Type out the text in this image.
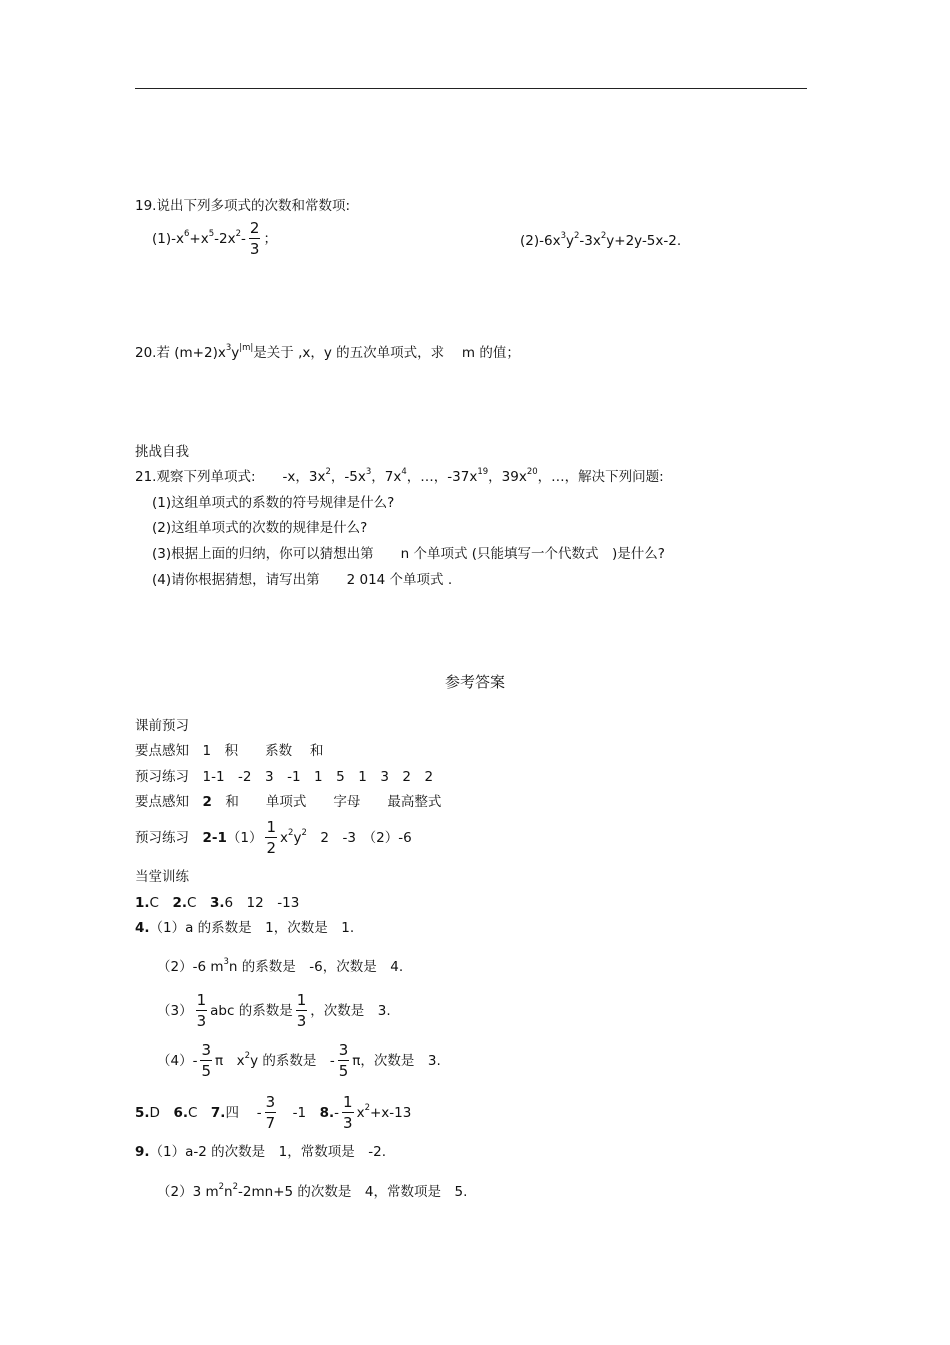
19.说出下列多项式的次数和常数项:
$(1)-x^6+x^5-2x^2- \frac{2}{3}$ ；	$(2)-6x^3y^2-3x^2y+2y-5x-2$.
20.若 $(m+2)x^3y^{|m|}$是关于 ,x，y 的五次单项式，求　 m 的值；
挑战自我
21.观察下列单项式:　　-x，$3x^2$，$-5x^3$，$7x^4$，…，$-37x^{19}$，$39x^{20}$，…，解决下列问题:
(1)这组单项式的系数的符号规律是什么?
(2)这组单项式的次数的规律是什么?
(3)根据上面的归纳，你可以猜想出第　　n 个单项式 (只能填写一个代数式　)是什么?
(4)请你根据猜想，请写出第　　2 014 个单项式 .
参考答案
课前预习
要点感知　1　积　　系数　 和
预习练习　1-1　-2　3　-1　1　5　1　3　2　2
要点感知　2　和　　单项式　　字母　　最高整式
预习练习　$2-1(1) \frac{1}{2} x^2y^2$　2　-3　（2）-6
当堂训练
1.C　2.C　3.6　12　-13
4.（1）a 的系数是　1，次数是　1.
（2）-6 $m^3n$ 的系数是　-6，次数是　4.
$(3) \frac{1}{3}$ abc 的系数是 $\frac{1}{3}$ ，次数是　3.
$(4)- \frac{3}{5}$ π　$x^2y$ 的系数是　- $\frac{3}{5}$ π，次数是　3.
5.D　6.C　7.四　 - $\frac{3}{7}$ 　-1　$8.- \frac{1}{3} x^2+x-13$
9.（1）a-2 的次数是　1，常数项是　-2.
（2）3 $m^2n^2-2mn+5$ 的次数是　4，常数项是　5.
